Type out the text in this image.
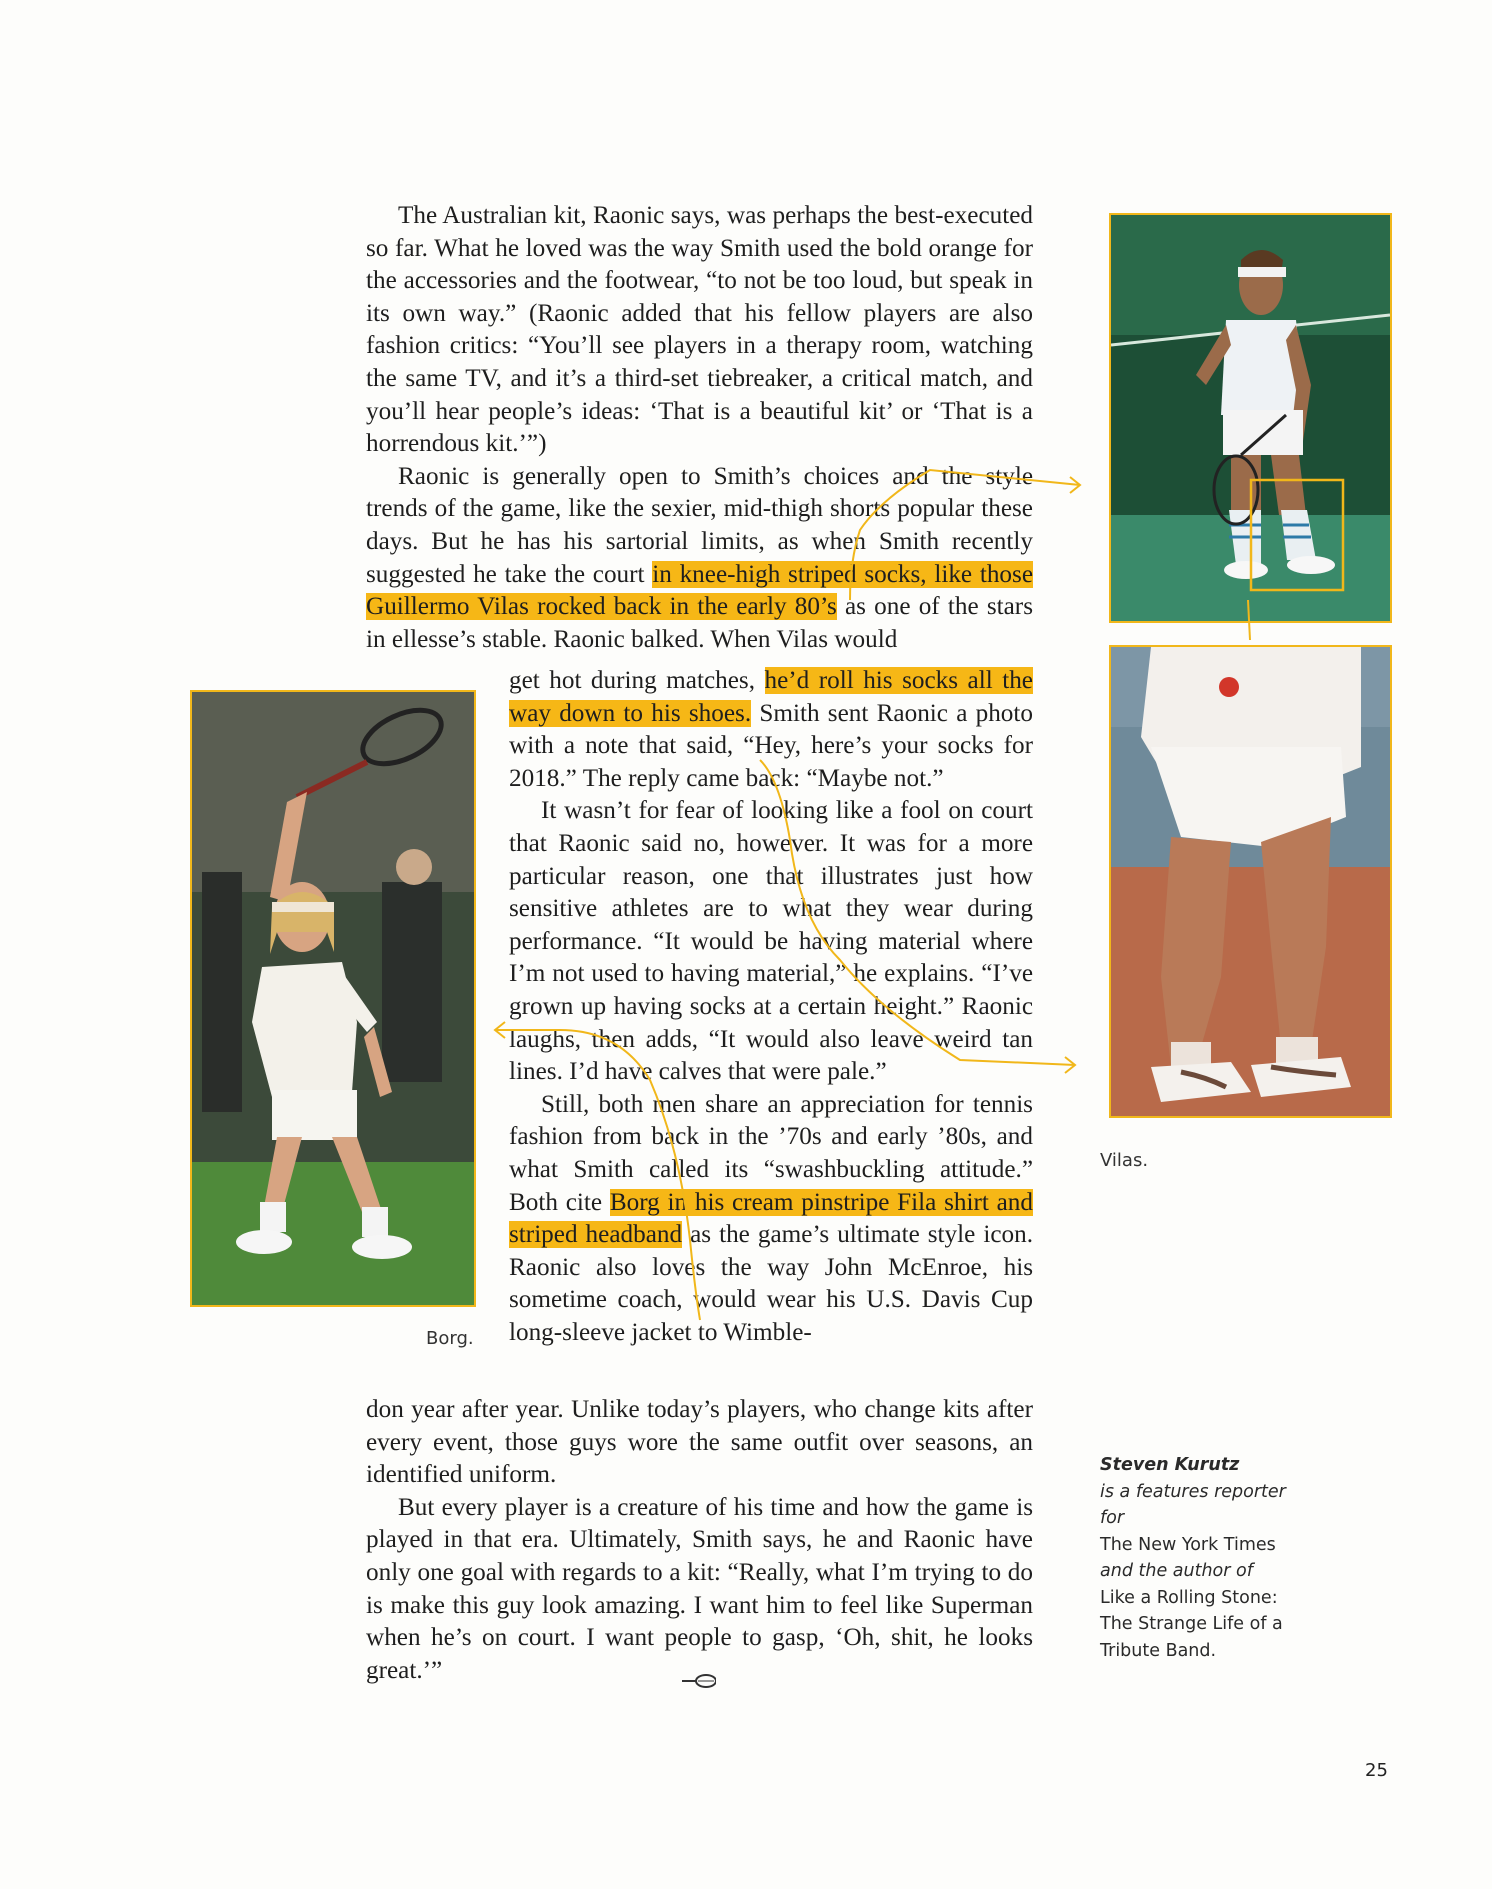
The Australian kit, Raonic says, was perhaps the best-executed so far. What he loved was the way Smith used the bold orange for the accessories and the footwear, “to not be too loud, but speak in its own way.” (Raonic added that his fellow players are also fashion critics: “You’ll see players in a therapy room, watching the same TV, and it’s a third-set tiebreaker, a critical match, and you’ll hear people’s ideas: ‘That is a beautiful kit’ or ‘That is a horrendous kit.’”)

Raonic is generally open to Smith’s choices and the style trends of the game, like the sexier, mid-thigh shorts popular these days. But he has his sartorial limits, as when Smith recently suggested he take the court in knee-high striped socks, like those Guillermo Vilas rocked back in the early 80’s as one of the stars in ellesse’s stable. Raonic balked. When Vilas would

get hot during matches, he’d roll his socks all the way down to his shoes. Smith sent Raonic a photo with a note that said, “Hey, here’s your socks for 2018.” The reply came back: “Maybe not.”

It wasn’t for fear of looking like a fool on court that Raonic said no, however. It was for a more particular reason, one that illustrates just how sensitive athletes are to what they wear during performance. “It would be having material where I’m not used to having material,” he explains. “I’ve grown up having socks at a certain height.” Raonic laughs, then adds, “It would also leave weird tan lines. I’d have calves that were pale.”

Still, both men share an appreciation for tennis fashion from back in the ’70s and early ’80s, and what Smith called its “swashbuckling attitude.” Both cite Borg in his cream pinstripe Fila shirt and striped headband as the game’s ultimate style icon. Raonic also loves the way John McEnroe, his sometime coach, would wear his U.S. Davis Cup long-sleeve jacket to Wimble-

don year after year. Unlike today’s players, who change kits after every event, those guys wore the same outfit over seasons, an identified uniform.

But every player is a creature of his time and how the game is played in that era. Ultimately, Smith says, he and Raonic have only one goal with regards to a kit: “Really, what I’m trying to do is make this guy look amazing. I want him to feel like Superman when he’s on court. I want people to gasp, ‘Oh, shit, he looks great.’”

Borg.
Vilas.
Steven Kurutz
is a features reporter for
The New York Times
and the author of
Like a Rolling Stone: The Strange Life of a Tribute Band.
25
